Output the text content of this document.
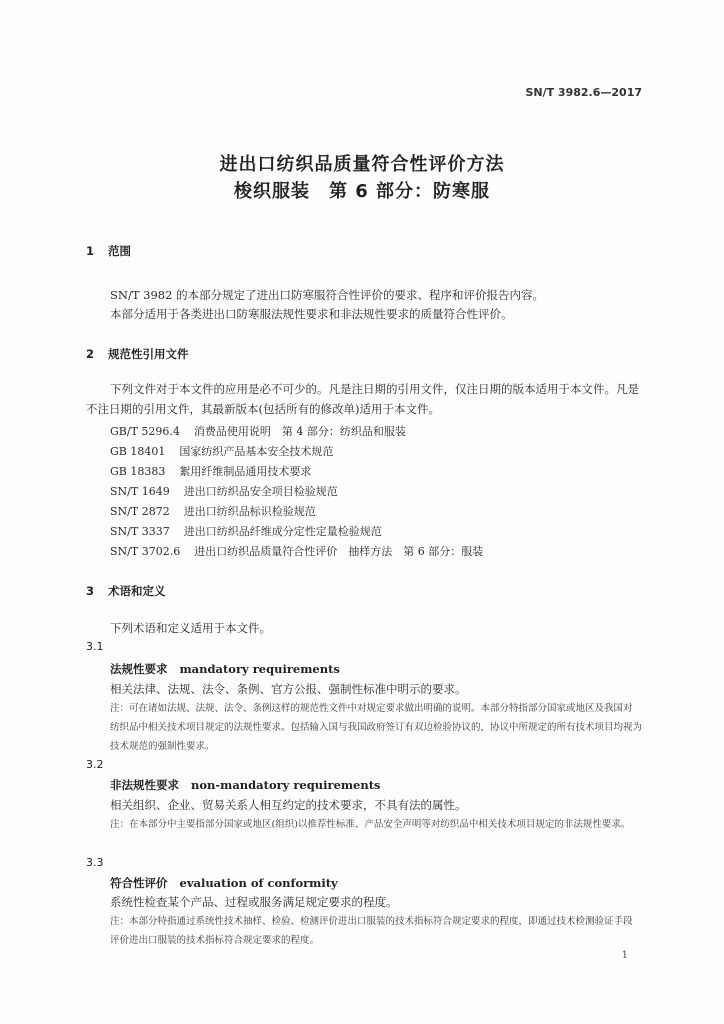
SN/T 3982.6—2017
进出口纺织品质量符合性评价方法
梭织服装　第 6 部分：防寒服
1 范围
SN/T 3982 的本部分规定了进出口防寒服符合性评价的要求、程序和评价报告内容。
本部分适用于各类进出口防寒服法规性要求和非法规性要求的质量符合性评价。
2 规范性引用文件
下列文件对于本文件的应用是必不可少的。凡是注日期的引用文件，仅注日期的版本适用于本文件。凡是不注日期的引用文件，其最新版本(包括所有的修改单)适用于本文件。
GB/T 5296.4 消费品使用说明　第 4 部分：纺织品和服装
GB 18401 国家纺织产品基本安全技术规范
GB 18383 絮用纤维制品通用技术要求
SN/T 1649 进出口纺织品安全项目检验规范
SN/T 2872 进出口纺织品标识检验规范
SN/T 3337 进出口纺织品纤维成分定性定量检验规范
SN/T 3702.6 进出口纺织品质量符合性评价　抽样方法　第 6 部分：服装
3 术语和定义
下列术语和定义适用于本文件。
3.1
法规性要求 mandatory requirements
相关法律、法规、法令、条例、官方公报、强制性标准中明示的要求。
注：可在诸如法规、法规、法令、条例这样的规范性文件中对规定要求做出明确的说明。本部分特指部分国家或地区及我国对纺织品中相关技术项目规定的法规性要求。包括输入国与我国政府签订有双边检验协议的，协议中所规定的所有技术项目均视为技术规范的强制性要求。
3.2
非法规性要求 non-mandatory requirements
相关组织、企业、贸易关系人相互约定的技术要求，不具有法的属性。
注：在本部分中主要指部分国家或地区(组织)以推荐性标准、产品安全声明等对纺织品中相关技术项目规定的非法规性要求。
3.3
符合性评价 evaluation of conformity
系统性检查某个产品、过程或服务满足规定要求的程度。
注：本部分特指通过系统性技术抽样、检验、检测评价进出口服装的技术指标符合规定要求的程度，即通过技术检测验证手段评价进出口服装的技术指标符合规定要求的程度。
1
